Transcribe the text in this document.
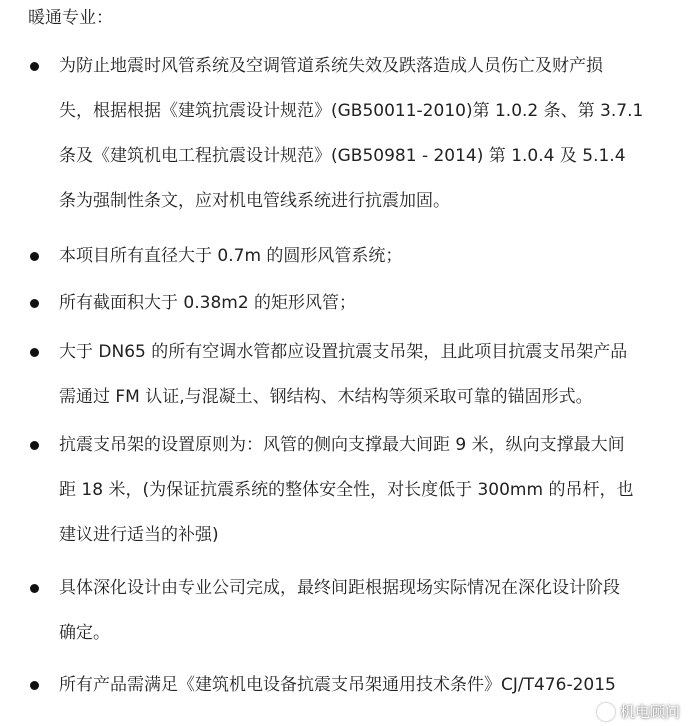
暖通专业：
为防止地震时风管系统及空调管道系统失效及跌落造成人员伤亡及财产损
失，根据根据《建筑抗震设计规范》(GB50011-2010)第 1.0.2 条、第 3.7.1
条及《建筑机电工程抗震设计规范》(GB50981 - 2014) 第 1.0.4 及 5.1.4
条为强制性条文，应对机电管线系统进行抗震加固。
本项目所有直径大于 0.7m 的圆形风管系统；
所有截面积大于 0.38m2 的矩形风管；
大于 DN65 的所有空调水管都应设置抗震支吊架，且此项目抗震支吊架产品
需通过 FM 认证,与混凝土、钢结构、木结构等须采取可靠的锚固形式。
抗震支吊架的设置原则为：风管的侧向支撑最大间距 9 米，纵向支撑最大间
距 18 米，(为保证抗震系统的整体安全性，对长度低于 300mm 的吊杆，也
建议进行适当的补强)
具体深化设计由专业公司完成，最终间距根据现场实际情况在深化设计阶段
确定。
所有产品需满足《建筑机电设备抗震支吊架通用技术条件》CJ/T476-2015
机电顾问
